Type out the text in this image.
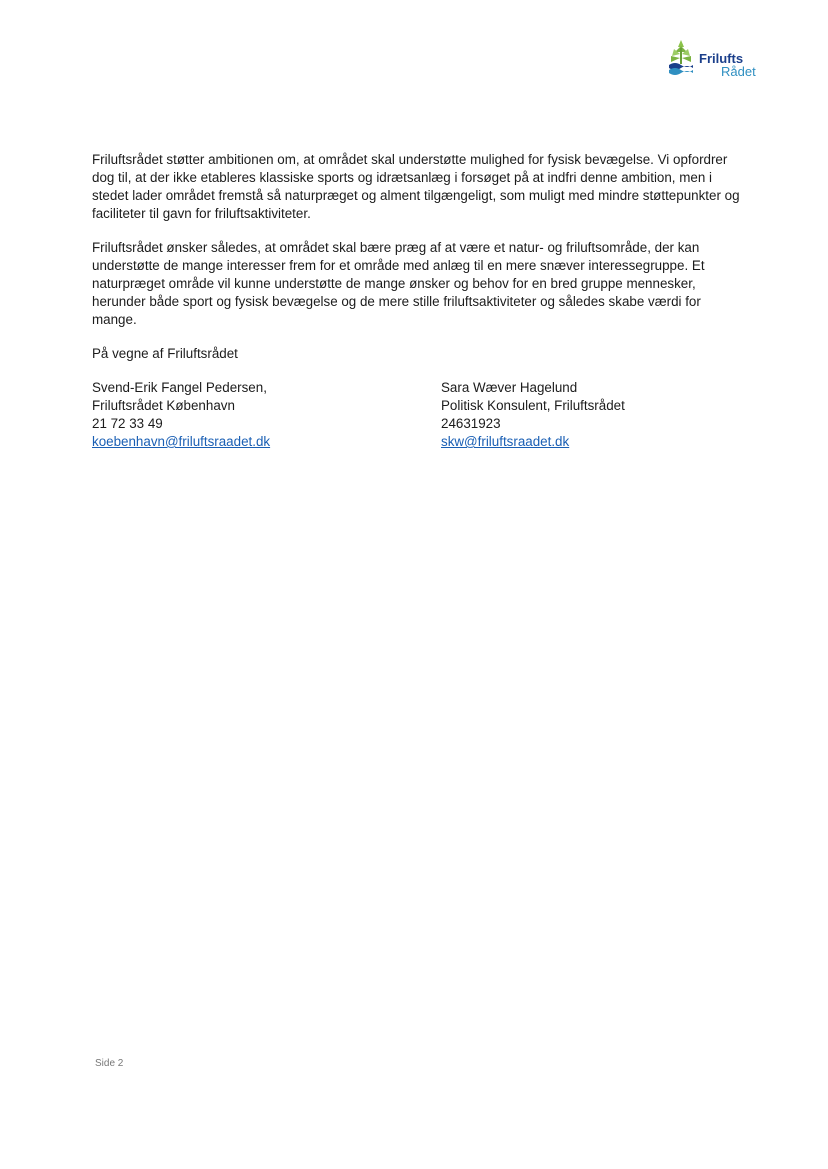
Frilufts
Rådet

Friluftsrådet støtter ambitionen om, at området skal understøtte mulighed for fysisk bevægelse. Vi opfordrer dog til, at der ikke etableres klassiske sports og idrætsanlæg i forsøget på at indfri denne ambition, men i stedet lader området fremstå så naturpræget og alment tilgængeligt, som muligt med mindre støttepunkter og faciliteter til gavn for friluftsaktiviteter.

Friluftsrådet ønsker således, at området skal bære præg af at være et natur- og friluftsområde, der kan understøtte de mange interesser frem for et område med anlæg til en mere snæver interessegruppe. Et naturpræget område vil kunne understøtte de mange ønsker og behov for en bred gruppe mennesker, herunder både sport og fysisk bevægelse og de mere stille friluftsaktiviteter og således skabe værdi for mange.

På vegne af Friluftsrådet

Svend-Erik Fangel Pedersen,
Friluftsrådet København
21 72 33 49
koebenhavn@friluftsraadet.dk
Sara Wæver Hagelund
Politisk Konsulent, Friluftsrådet
24631923
skw@friluftsraadet.dk
Side 2
